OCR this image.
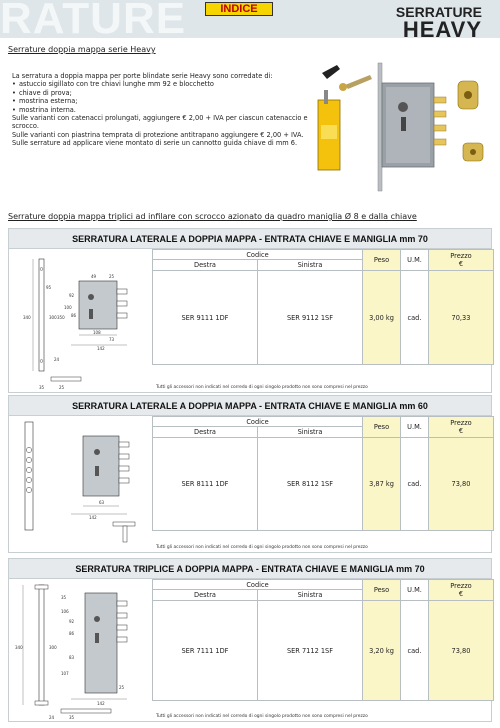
RATURE	INDICE	SERRATURE
HEAVY
Serrature doppia mappa serie Heavy
La serratura a doppia mappa per porte blindate serie Heavy sono corredate di:
• astuccio sigillato con tre chiavi lunghe mm 92 e blocchetto
• chiave di prova;
• mostrina esterna;
• mostrina interna.
Sulle varianti con catenacci prolungati, aggiungere € 2,00 + IVA per ciascun catenaccio e scrocco.
Sulle varianti con piastrina temprata di protezione antitrapano aggiungere € 2,00 + IVA.
Sulle serrature ad applicare viene montato di serie un cannotto guida chiave di mm 6.
Serrature doppia mappa triplici ad infilare con scrocco azionato da quadro maniglia Ø 8 e dalla chiave
SERRATURA LATERALE A DOPPIA MAPPA - ENTRATA CHIAVE E MANIGLIA mm 70
340
95
300 350
49	25
92
100
86
108
73
142
24
35	25
Codice		Peso	U.M.	Prezzo
€
Destra	Sinistra			
SER 9111 1DF	SER 9112 1SF	3,00 kg	cad.	70,33
Tutti gli accessori non indicati nel corredo di ogni singolo prodotto non sono compresi nel prezzo
SERRATURA LATERALE A DOPPIA MAPPA - ENTRATA CHIAVE E MANIGLIA mm 60
63
142
Codice		Peso	U.M.	Prezzo
€
Destra	Sinistra			
SER 8111 1DF	SER 8112 1SF	3,87 kg	cad.	73,80
Tutti gli accessori non indicati nel corredo di ogni singolo prodotto non sono compresi nel prezzo
SERRATURA TRIPLICE A DOPPIA MAPPA - ENTRATA CHIAVE E MANIGLIA mm 70
340	300
35
106
92
86
83
107
25
142
24	35
Codice		Peso	U.M.	Prezzo
€
Destra	Sinistra			
SER 7111 1DF	SER 7112 1SF	3,20 kg	cad.	73,80
Tutti gli accessori non indicati nel corredo di ogni singolo prodotto non sono compresi nel prezzo
